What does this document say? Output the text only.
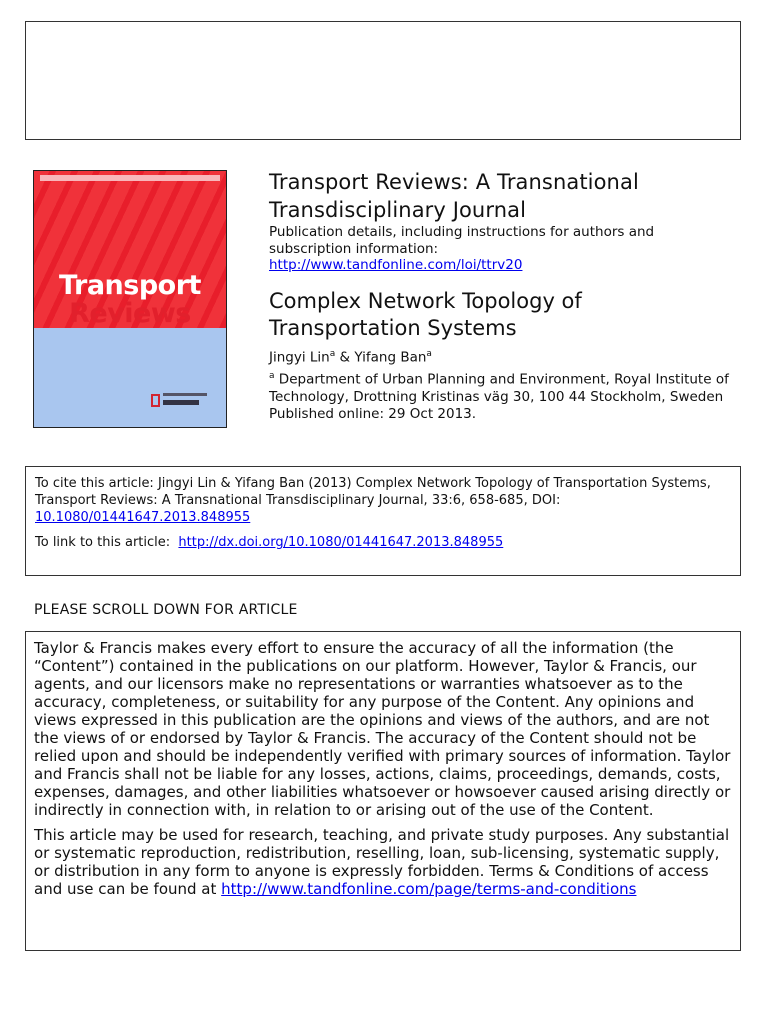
Transport
Reviews
Transport Reviews: A Transnational Transdisciplinary Journal
Publication details, including instructions for authors and subscription information:
http://www.tandfonline.com/loi/ttrv20
Complex Network Topology of Transportation Systems
Jingyi Lin$^a$ & Yifang Ban$^a$
$^a$ Department of Urban Planning and Environment, Royal Institute of Technology, Drottning Kristinas väg 30, 100 44 Stockholm, Sweden
Published online: 29 Oct 2013.
To cite this article: Jingyi Lin & Yifang Ban (2013) Complex Network Topology of Transportation Systems, Transport Reviews: A Transnational Transdisciplinary Journal, 33:6, 658-685, DOI: 10.1080/01441647.2013.848955
To link to this article:  http://dx.doi.org/10.1080/01441647.2013.848955
PLEASE SCROLL DOWN FOR ARTICLE

Taylor & Francis makes every effort to ensure the accuracy of all the information (the “Content”) contained in the publications on our platform. However, Taylor & Francis, our agents, and our licensors make no representations or warranties whatsoever as to the accuracy, completeness, or suitability for any purpose of the Content. Any opinions and views expressed in this publication are the opinions and views of the authors, and are not the views of or endorsed by Taylor & Francis. The accuracy of the Content should not be relied upon and should be independently verified with primary sources of information. Taylor and Francis shall not be liable for any losses, actions, claims, proceedings, demands, costs, expenses, damages, and other liabilities whatsoever or howsoever caused arising directly or indirectly in connection with, in relation to or arising out of the use of the Content.

This article may be used for research, teaching, and private study purposes. Any substantial or systematic reproduction, redistribution, reselling, loan, sub-licensing, systematic supply, or distribution in any form to anyone is expressly forbidden. Terms & Conditions of access and use can be found at http://www.tandfonline.com/page/terms-and-conditions
